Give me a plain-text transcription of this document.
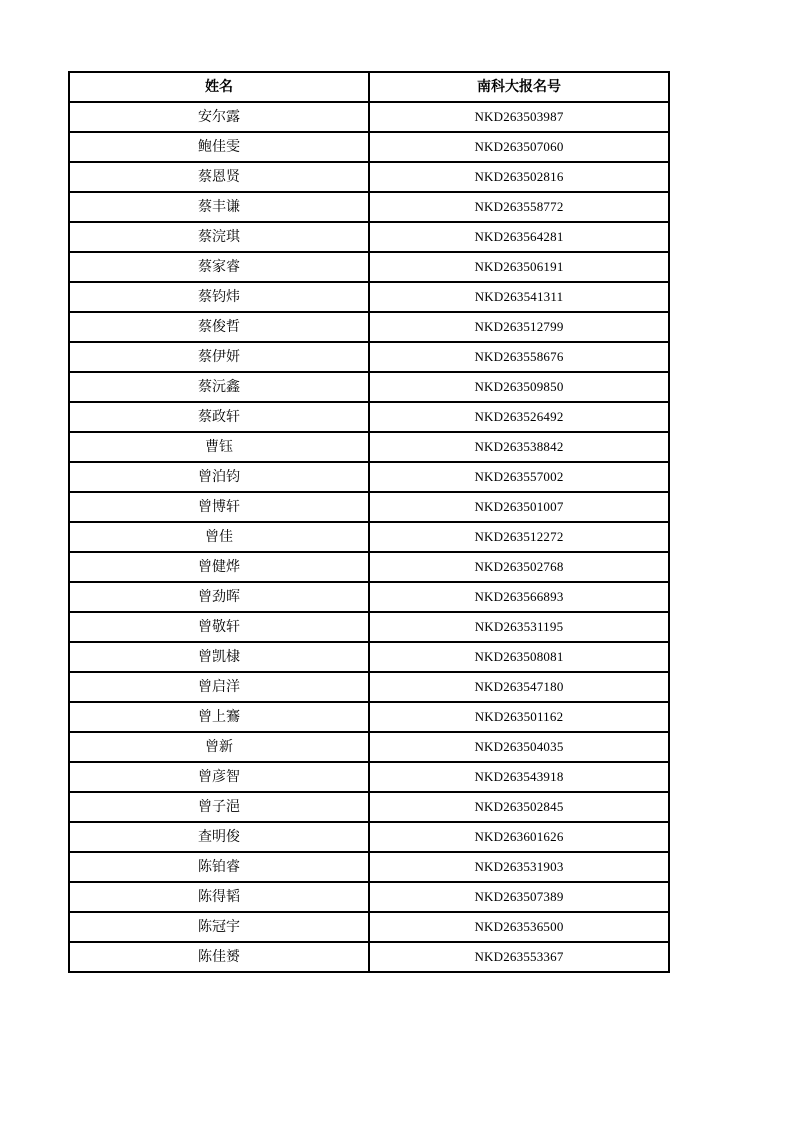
姓名	南科大报名号
安尔露	NKD263503987
鲍佳雯	NKD263507060
蔡恩贤	NKD263502816
蔡丰谦	NKD263558772
蔡浣琪	NKD263564281
蔡家睿	NKD263506191
蔡钧炜	NKD263541311
蔡俊哲	NKD263512799
蔡伊妍	NKD263558676
蔡沅鑫	NKD263509850
蔡政轩	NKD263526492
曹钰	NKD263538842
曾泊钧	NKD263557002
曾博轩	NKD263501007
曾佳	NKD263512272
曾健烨	NKD263502768
曾劲晖	NKD263566893
曾敬轩	NKD263531195
曾凯棣	NKD263508081
曾启洋	NKD263547180
曾上鶱	NKD263501162
曾新	NKD263504035
曾彦智	NKD263543918
曾子浥	NKD263502845
查明俊	NKD263601626
陈铂睿	NKD263531903
陈得韬	NKD263507389
陈冠宇	NKD263536500
陈佳赟	NKD263553367
